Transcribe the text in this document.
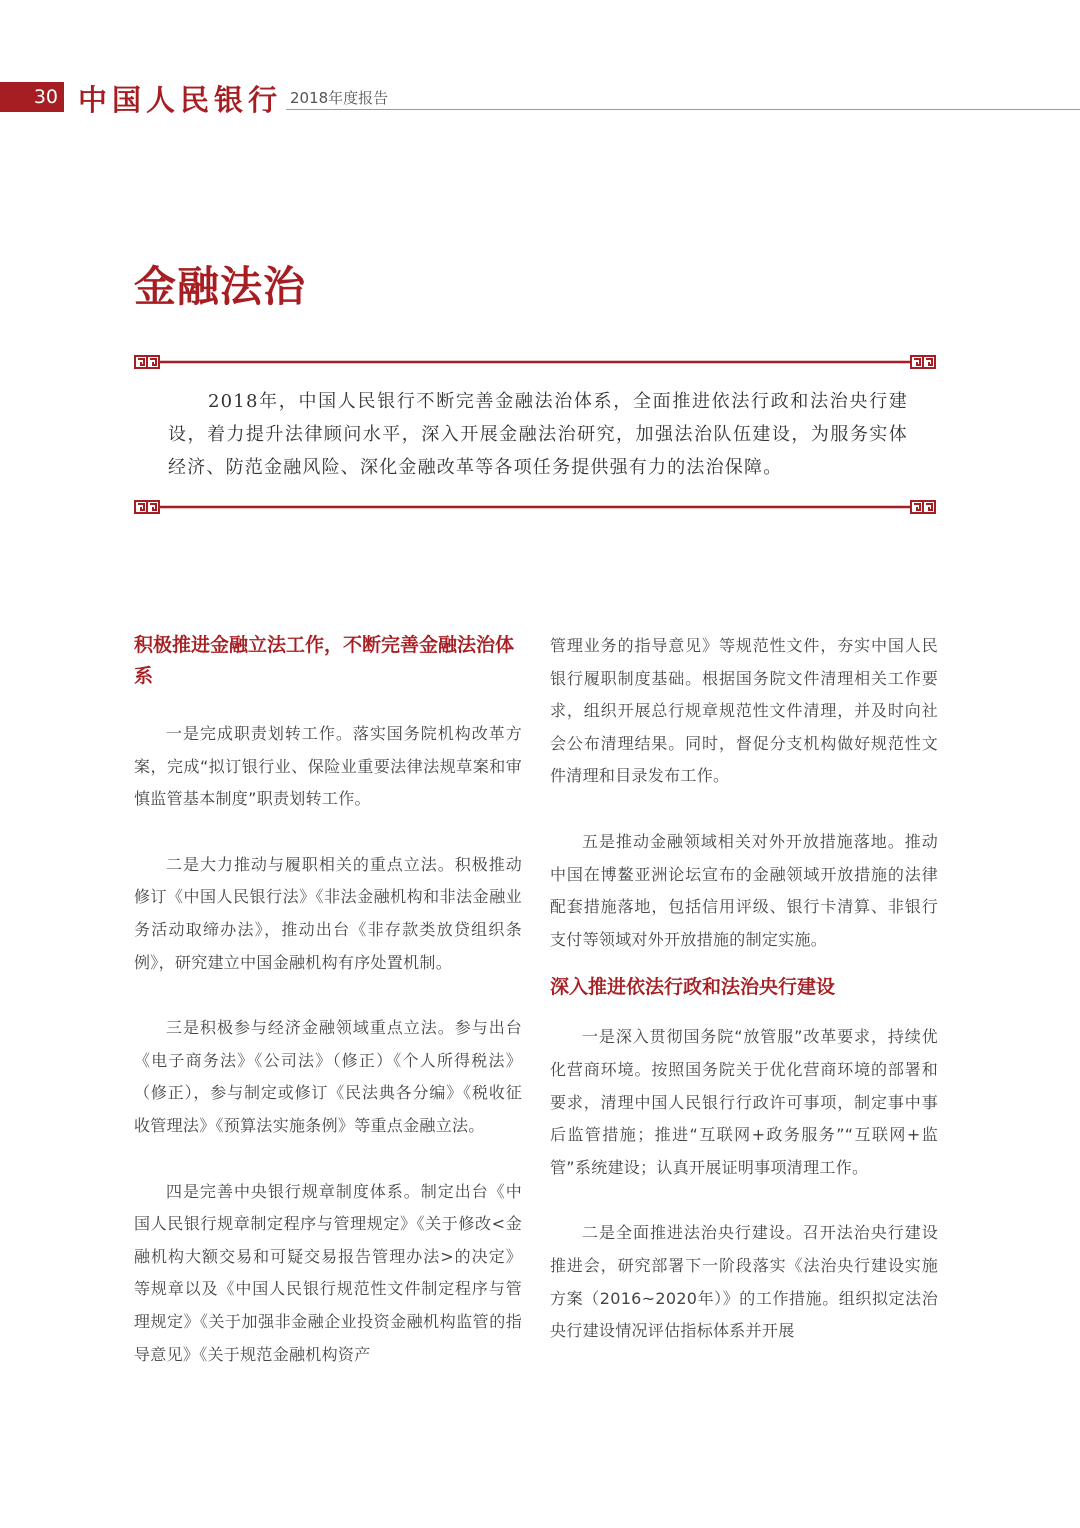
30 中国人民银行 2018年度报告
金融法治

2018年，中国人民银行不断完善金融法治体系，全面推进依法行政和法治央行建设，着力提升法律顾问水平，深入开展金融法治研究，加强法治队伍建设，为服务实体经济、防范金融风险、深化金融改革等各项任务提供强有力的法治保障。

积极推进金融立法工作，不断完善金融法治体系

一是完成职责划转工作。落实国务院机构改革方案，完成“拟订银行业、保险业重要法律法规草案和审慎监管基本制度”职责划转工作。

二是大力推动与履职相关的重点立法。积极推动修订《中国人民银行法》《非法金融机构和非法金融业务活动取缔办法》，推动出台《非存款类放贷组织条例》，研究建立中国金融机构有序处置机制。

三是积极参与经济金融领域重点立法。参与出台《电子商务法》《公司法》（修正）《个人所得税法》（修正），参与制定或修订《民法典各分编》《税收征收管理法》《预算法实施条例》等重点金融立法。

四是完善中央银行规章制度体系。制定出台《中国人民银行规章制定程序与管理规定》《关于修改<金融机构大额交易和可疑交易报告管理办法>的决定》等规章以及《中国人民银行规范性文件制定程序与管理规定》《关于加强非金融企业投资金融机构监管的指导意见》《关于规范金融机构资产

管理业务的指导意见》等规范性文件，夯实中国人民银行履职制度基础。根据国务院文件清理相关工作要求，组织开展总行规章规范性文件清理，并及时向社会公布清理结果。同时，督促分支机构做好规范性文件清理和目录发布工作。

五是推动金融领域相关对外开放措施落地。推动中国在博鳌亚洲论坛宣布的金融领域开放措施的法律配套措施落地，包括信用评级、银行卡清算、非银行支付等领域对外开放措施的制定实施。

深入推进依法行政和法治央行建设

一是深入贯彻国务院“放管服”改革要求，持续优化营商环境。按照国务院关于优化营商环境的部署和要求，清理中国人民银行行政许可事项，制定事中事后监管措施；推进“互联网+政务服务”“互联网+监管”系统建设；认真开展证明事项清理工作。

二是全面推进法治央行建设。召开法治央行建设推进会，研究部署下一阶段落实《法治央行建设实施方案（2016~2020年）》的工作措施。组织拟定法治央行建设情况评估指标体系并开展
